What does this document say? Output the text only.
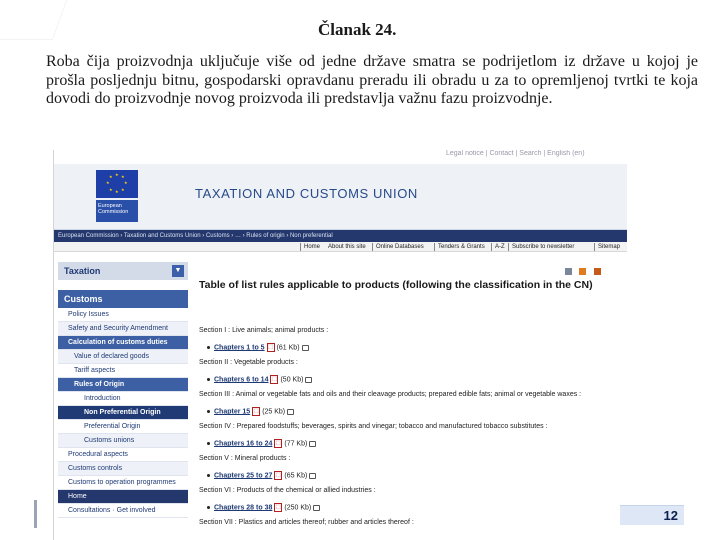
Članak 24.
Roba čija proizvodnja uključuje više od jedne države smatra se podrijetlom iz države u kojoj je prošla posljednju bitnu, gospodarski opravdanu preradu ili obradu u za to opremljenoj tvrtki te koja dovodi do proizvodnje novog proizvoda ili predstavlja važnu fazu proizvodnje.
Legal notice | Contact | Search | English (en)
★ ★
★
★
★
★
★
★
European Commission
TAXATION AND CUSTOMS UNION
European Commission › Taxation and Customs Union › Customs › … › Rules of origin › Non preferential
Home About this site Online Databases Tenders & Grants A-Z Subscribe to newsletter	Sitemap
Taxation	▼
Customs
Policy Issues
Safety and Security Amendment
Calculation of customs duties
Value of declared goods
Tariff aspects
Rules of Origin
Introduction
Non Preferential Origin
Preferential Origin
Customs unions
Procedural aspects
Customs controls
Customs to operation programmes
Home
Consultations · Get involved

Table of list rules applicable to products (following the classification in the CN)
Section I : Live animals; animal products :
Chapters 1 to 5 ⬚ (61 Kb)
Section II : Vegetable products :
Chapters 6 to 14 ⬚ (50 Kb)
Section III : Animal or vegetable fats and oils and their cleavage products; prepared edible fats; animal or vegetable waxes :
Chapter 15 ⬚ (25 Kb)
Section IV : Prepared foodstuffs; beverages, spirits and vinegar; tobacco and manufactured tobacco substitutes :
Chapters 16 to 24 ⬚ (77 Kb)
Section V : Mineral products :
Chapters 25 to 27 ⬚ (65 Kb)
Section VI : Products of the chemical or allied industries :
Chapters 28 to 38 ⬚ (250 Kb)
Section VII : Plastics and articles thereof; rubber and articles thereof :	12
